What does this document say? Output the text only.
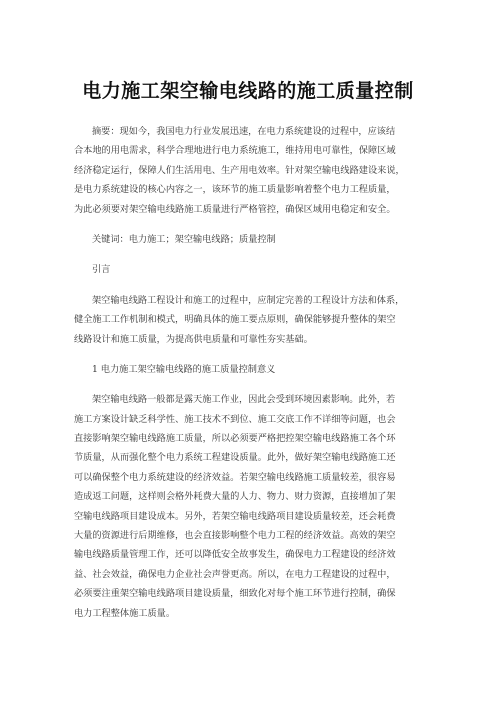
电力施工架空输电线路的施工质量控制
摘要：现如今，我国电力行业发展迅速，在电力系统建设的过程中，应该结
合本地的用电需求，科学合理地进行电力系统施工，维持用电可靠性，保障区域
经济稳定运行，保障人们生活用电、生产用电效率。针对架空输电线路建设来说，
是电力系统建设的核心内容之一，该环节的施工质量影响着整个电力工程质量，
为此必须要对架空输电线路施工质量进行严格管控，确保区域用电稳定和安全。
关键词：电力施工；架空输电线路；质量控制
引言
架空输电线路工程设计和施工的过程中，应制定完善的工程设计方法和体系，
健全施工工作机制和模式，明确具体的施工要点原则，确保能够提升整体的架空
线路设计和施工质量，为提高供电质量和可靠性夯实基础。
1 电力施工架空输电线路的施工质量控制意义
架空输电线路一般都是露天施工作业，因此会受到环境因素影响。此外，若
施工方案设计缺乏科学性、施工技术不到位、施工交底工作不详细等问题，也会
直接影响架空输电线路施工质量，所以必须要严格把控架空输电线路施工各个环
节质量，从而强化整个电力系统工程建设质量。此外，做好架空输电线路施工还
可以确保整个电力系统建设的经济效益。若架空输电线路施工质量较差，很容易
造成返工问题，这样则会格外耗费大量的人力、物力、财力资源，直接增加了架
空输电线路项目建设成本。另外，若架空输电线路项目建设质量较差，还会耗费
大量的资源进行后期维修，也会直接影响整个电力工程的经济效益。高效的架空
输电线路质量管理工作，还可以降低安全故事发生，确保电力工程建设的经济效
益、社会效益，确保电力企业社会声誉更高。所以，在电力工程建设的过程中，
必须要注重架空输电线路项目建设质量，细致化对每个施工环节进行控制，确保
电力工程整体施工质量。
